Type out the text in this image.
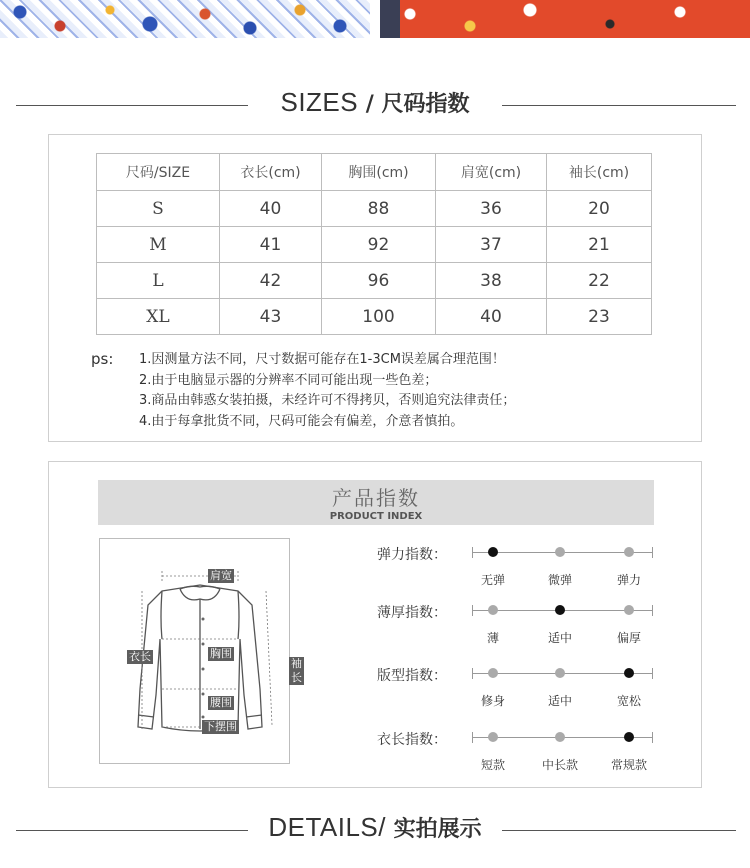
SIZES / 尺码指数
尺码/SIZE	衣长(cm)	胸围(cm)	肩宽(cm)	袖长(cm)
S	40	88	36	20
M	41	92	37	21
L	42	96	38	22
XL	43	100	40	23
ps: 1.因测量方法不同，尺寸数据可能存在1-3CM误差属合理范围！
2.由于电脑显示器的分辨率不同可能出现一些色差；
3.商品由韩惑女装拍摄，未经许可不得拷贝，否则追究法律责任；
4.由于每拿批货不同，尺码可能会有偏差，介意者慎拍。
产品指数
PRODUCT INDEX
肩宽
衣长	胸围
袖长
腰围
下摆围
弹力指数：
无弹	微弹	弹力
薄厚指数：
薄	适中	偏厚
版型指数：
修身	适中	宽松
衣长指数：
短款	中长款	常规款
DETAILS/ 实拍展示
